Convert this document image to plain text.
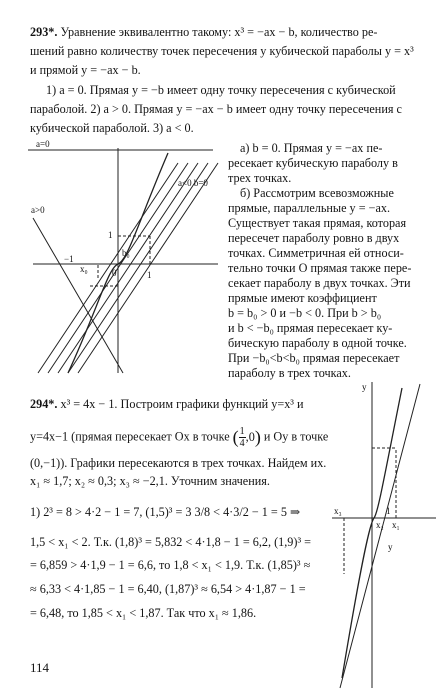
293*. Уравнение эквивалентно такому: x³ = −ax − b, количество ре-
шений равно количеству точек пересечения у кубической параболы y = x³
и прямой y = −ax − b.
1) a = 0. Прямая y = −b имеет одну точку пересечения с кубической
параболой. 2) a > 0. Прямая y = −ax − b имеет одну точку пересечения с
кубической параболой. 3) a < 0.
а) b = 0. Прямая y = −ax пе-
ресекает кубическую параболу в
трех точках.
б) Рассмотрим всевозможные
прямые, параллельные y = −ax.
Существует такая прямая, которая
пересечет параболу ровно в двух
точках. Симметричная ей относи-
тельно точки O прямая также пере-
секает параболу в двух точках. Эти
прямые имеют коэффициент
b = b₀ > 0 и −b < 0. При b > b₀
и b < −b₀ прямая пересекает ку-
бическую параболу в одной точке.
При −b₀<b<b₀ прямая пересекает
параболу в трех точках.
a=0
a<0 b=0
a>0
1
−1
x₀
b₀
1
0
294*. x³ = 4x − 1. Построим графики функций y=x³ и
y=4x−1 (прямая пересекает Ox в точке ( $\frac{1}{4} ,0$) и Oy в точке
(0,−1)). Графики пересекаются в трех точках. Найдем их.
x₁ ≈ 1,7; x₂ ≈ 0,3; x₃ ≈ −2,1. Уточним значения.
1) 2³ = 8 > 4·2 − 1 = 7, (1,5)³ = 3 3/8 < 4·3/2 − 1 = 5 ⇒
1,5 < x₁ < 2. Т.к. (1,8)³ = 5,832 < 4·1,8 − 1 = 6,2, (1,9)³ =
= 6,859 > 4·1,9 − 1 = 6,6, то 1,8 < x₁ < 1,9. Т.к. (1,85)³ ≈
≈ 6,33 < 4·1,85 − 1 = 6,40, (1,87)³ ≈ 6,54 > 4·1,87 − 1 =
= 6,48, то 1,85 < x₁ < 1,87. Так что x₁ ≈ 1,86.
y
x₃
x₂ x₁
1
y
114
